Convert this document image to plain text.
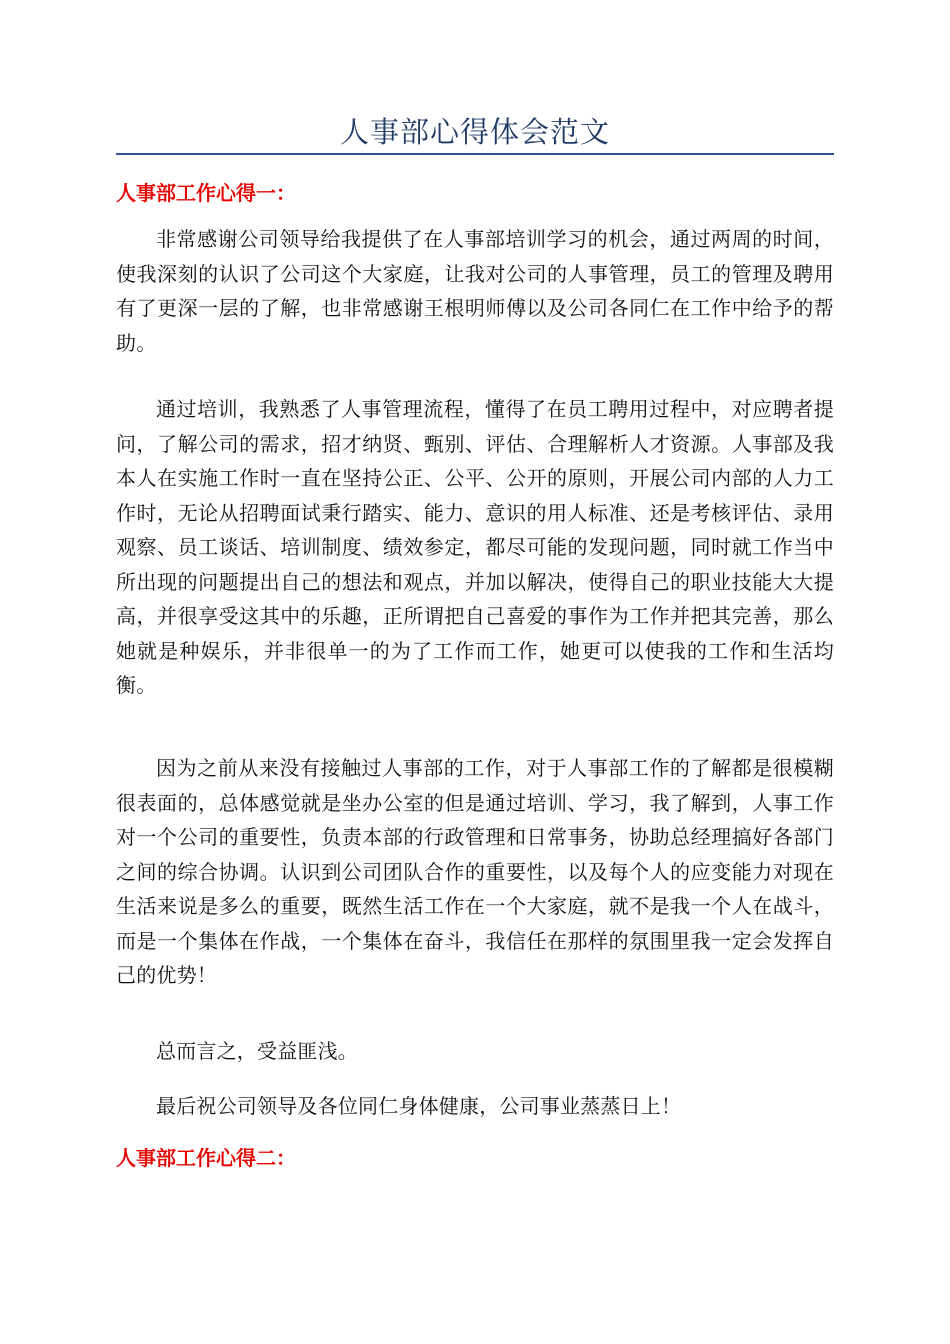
人事部心得体会范文
人事部工作心得一：

非常感谢公司领导给我提供了在人事部培训学习的机会，通过两周的时间，使我深刻的认识了公司这个大家庭，让我对公司的人事管理，员工的管理及聘用有了更深一层的了解，也非常感谢王根明师傅以及公司各同仁在工作中给予的帮助。

通过培训，我熟悉了人事管理流程，懂得了在员工聘用过程中，对应聘者提问，了解公司的需求，招才纳贤、甄别、评估、合理解析人才资源。人事部及我本人在实施工作时一直在坚持公正、公平、公开的原则，开展公司内部的人力工作时，无论从招聘面试秉行踏实、能力、意识的用人标准、还是考核评估、录用观察、员工谈话、培训制度、绩效参定，都尽可能的发现问题，同时就工作当中所出现的问题提出自己的想法和观点，并加以解决，使得自己的职业技能大大提高，并很享受这其中的乐趣，正所谓把自己喜爱的事作为工作并把其完善，那么她就是种娱乐，并非很单一的为了工作而工作，她更可以使我的工作和生活均衡。

因为之前从来没有接触过人事部的工作，对于人事部工作的了解都是很模糊很表面的，总体感觉就是坐办公室的但是通过培训、学习，我了解到，人事工作对一个公司的重要性，负责本部的行政管理和日常事务，协助总经理搞好各部门之间的综合协调。认识到公司团队合作的重要性，以及每个人的应变能力对现在生活来说是多么的重要，既然生活工作在一个大家庭，就不是我一个人在战斗，而是一个集体在作战，一个集体在奋斗，我信任在那样的氛围里我一定会发挥自己的优势！

总而言之，受益匪浅。

最后祝公司领导及各位同仁身体健康，公司事业蒸蒸日上！

人事部工作心得二：
